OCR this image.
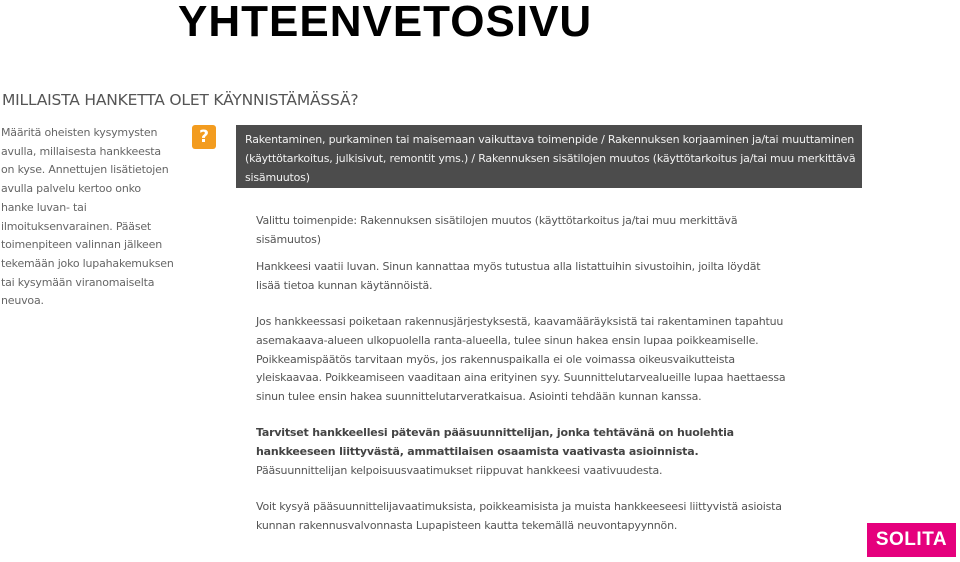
YHTEENVETOSIVU
MILLAISTA HANKETTA OLET KÄYNNISTÄMÄSSÄ?
Määritä oheisten kysymysten avulla, millaisesta hankkeesta on kyse. Annettujen lisätietojen avulla palvelu kertoo onko hanke luvan- tai ilmoituksenvarainen. Pääset toimenpiteen valinnan jälkeen tekemään joko lupahakemuksen tai kysymään viranomaiselta neuvoa.
?	Rakentaminen, purkaminen tai maisemaan vaikuttava toimenpide / Rakennuksen korjaaminen ja/tai muuttaminen (käyttötarkoitus, julkisivut, remontit yms.) / Rakennuksen sisätilojen muutos (käyttötarkoitus ja/tai muu merkittävä sisämuutos)

Valittu toimenpide: Rakennuksen sisätilojen muutos (käyttötarkoitus ja/tai muu merkittävä sisämuutos)

Hankkeesi vaatii luvan. Sinun kannattaa myös tutustua alla listattuihin sivustoihin, joilta löydät lisää tietoa kunnan käytännöistä.

Jos hankkeessasi poiketaan rakennusjärjestyksestä, kaavamääräyksistä tai rakentaminen tapahtuu asemakaava-alueen ulkopuolella ranta-alueella, tulee sinun hakea ensin lupaa poikkeamiselle. Poikkeamispäätös tarvitaan myös, jos rakennuspaikalla ei ole voimassa oikeusvaikutteista yleiskaavaa. Poikkeamiseen vaaditaan aina erityinen syy. Suunnittelutarvealueille lupaa haettaessa sinun tulee ensin hakea suunnittelutarveratkaisua. Asiointi tehdään kunnan kanssa.

Tarvitset hankkeellesi pätevän pääsuunnittelijan, jonka tehtävänä on huolehtia hankkeeseen liittyvästä, ammattilaisen osaamista vaativasta asioinnista. Pääsuunnittelijan kelpoisuusvaatimukset riippuvat hankkeesi vaativuudesta.

Voit kysyä pääsuunnittelijavaatimuksista, poikkeamisista ja muista hankkeeseesi liittyvistä asioista kunnan rakennusvalvonnasta Lupapisteen kautta tekemällä neuvontapyynnön.

SOLITA
